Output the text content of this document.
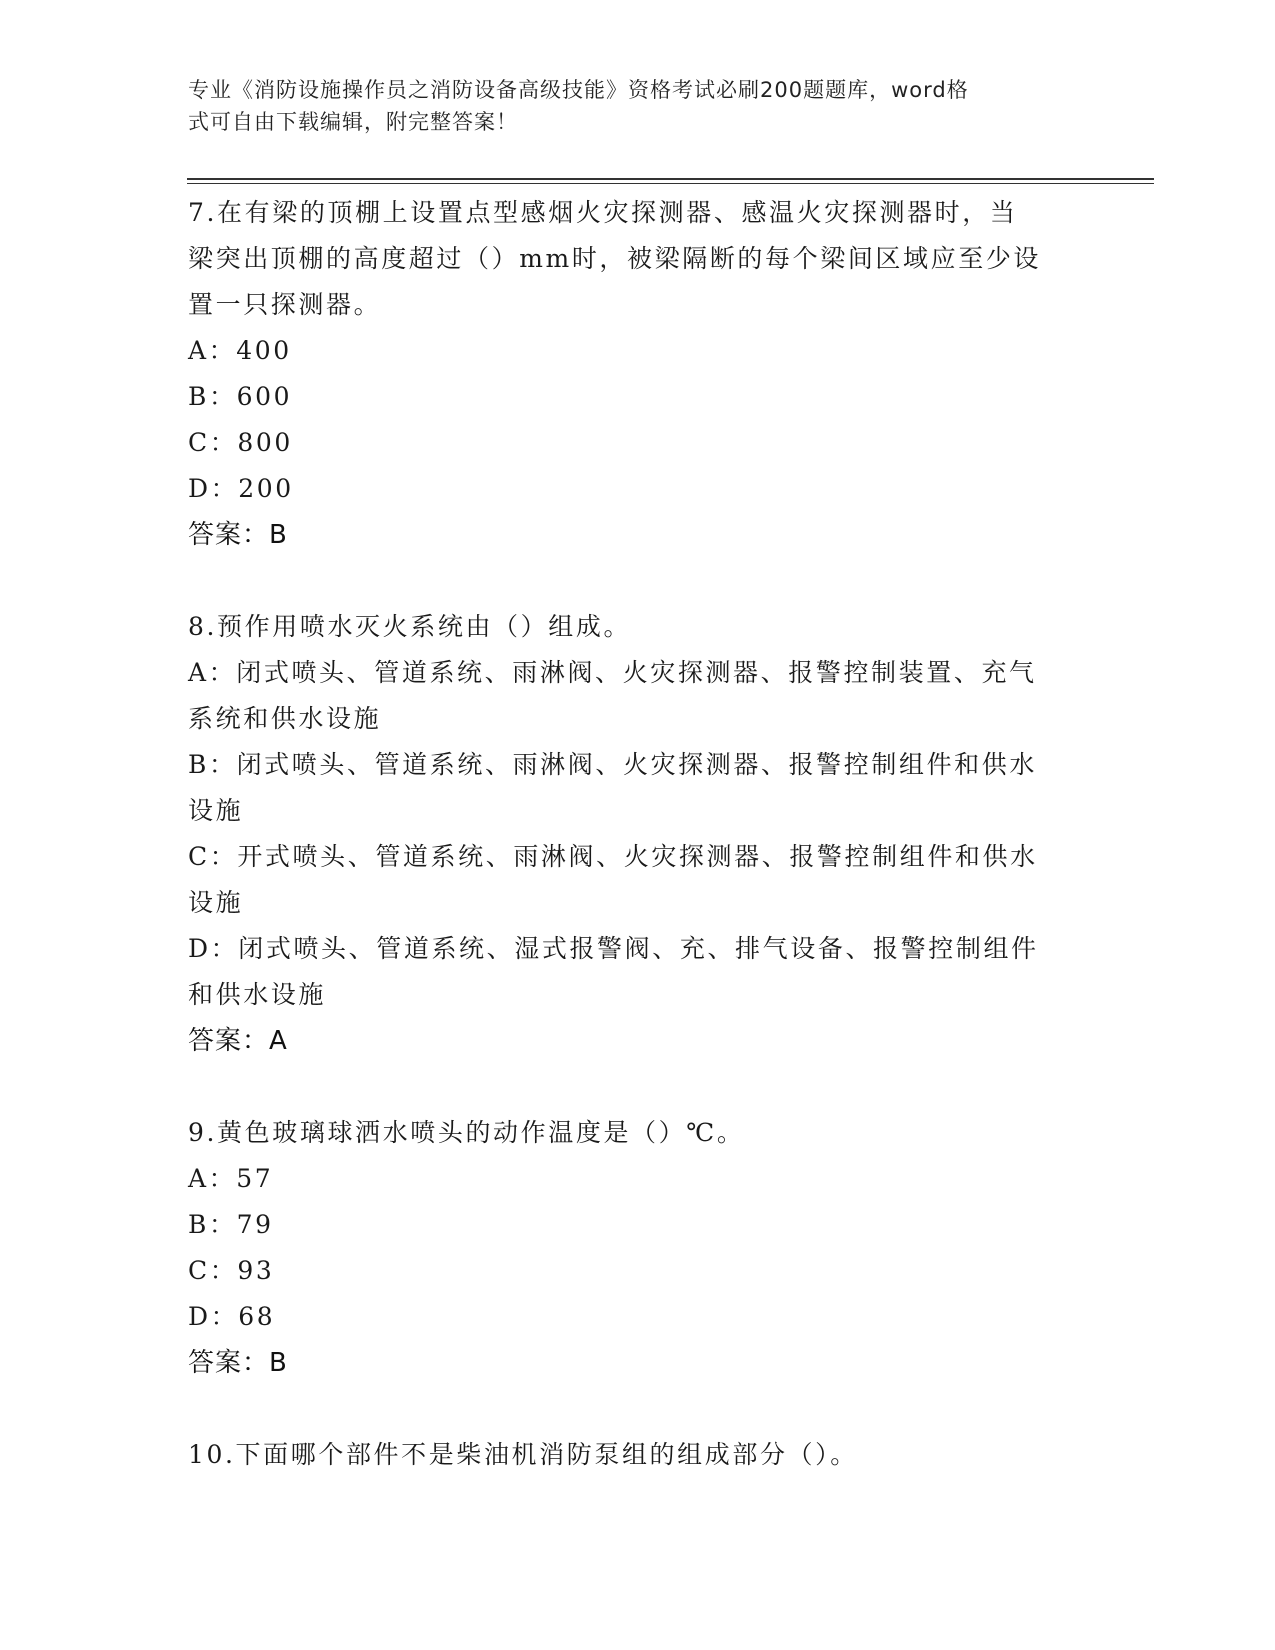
专业《消防设施操作员之消防设备高级技能》资格考试必刷200题题库，word格
式可自由下载编辑，附完整答案！
7.在有梁的顶棚上设置点型感烟火灾探测器、感温火灾探测器时，当
梁突出顶棚的高度超过（）mm时，被梁隔断的每个梁间区域应至少设
置一只探测器。
A：400
B：600
C：800
D：200
答案：B
8.预作用喷水灭火系统由（）组成。
A：闭式喷头、管道系统、雨淋阀、火灾探测器、报警控制装置、充气
系统和供水设施
B：闭式喷头、管道系统、雨淋阀、火灾探测器、报警控制组件和供水
设施
C：开式喷头、管道系统、雨淋阀、火灾探测器、报警控制组件和供水
设施
D：闭式喷头、管道系统、湿式报警阀、充、排气设备、报警控制组件
和供水设施
答案：A
9.黄色玻璃球洒水喷头的动作温度是（）℃。
A：57
B：79
C：93
D：68
答案：B
10.下面哪个部件不是柴油机消防泵组的组成部分（）。
